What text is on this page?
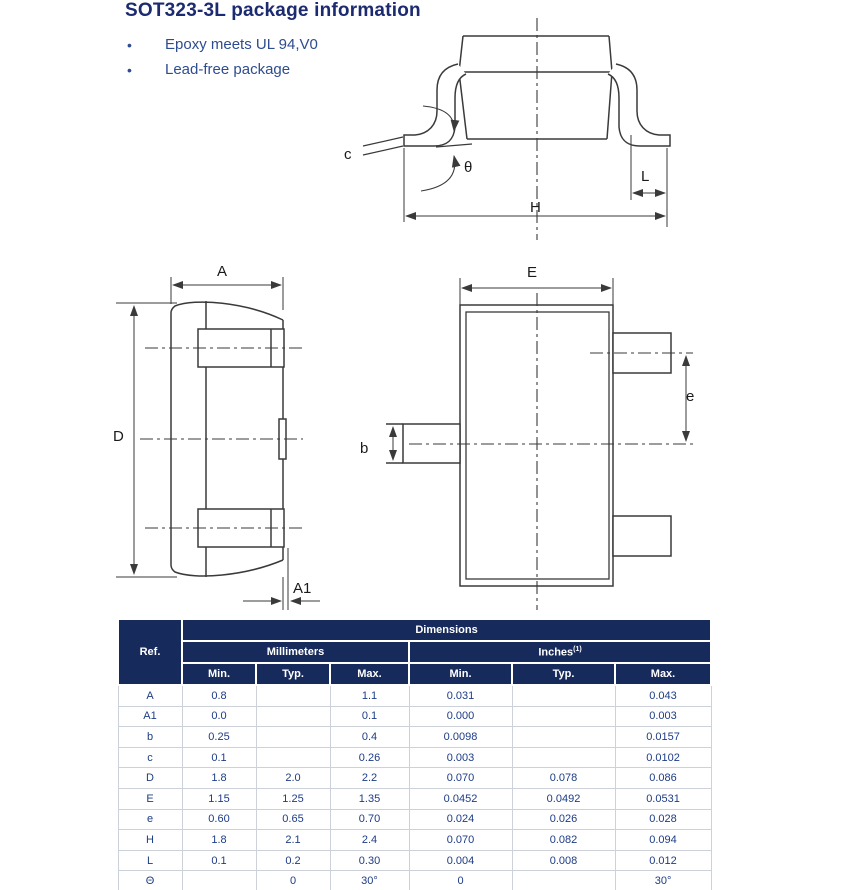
SOT323-3L package information
• Epoxy meets UL 94,V0
• Lead-free package
c
θ
L
H
A
D
A1
E
b
e
Ref.	Dimensions					
	Millimeters			Inches$^{(1)}$
	Min.	Typ.	Max.	Min.	Typ.	Max.
A	0.8		1.1	0.031		0.043
A1	0.0		0.1	0.000		0.003
b	0.25		0.4	0.0098		0.0157
c	0.1		0.26	0.003		0.0102
D	1.8	2.0	2.2	0.070	0.078	0.086
E	1.15	1.25	1.35	0.0452	0.0492	0.0531
e	0.60	0.65	0.70	0.024	0.026	0.028
H	1.8	2.1	2.4	0.070	0.082	0.094
L	0.1	0.2	0.30	0.004	0.008	0.012
Θ		0	30°	0		30°
